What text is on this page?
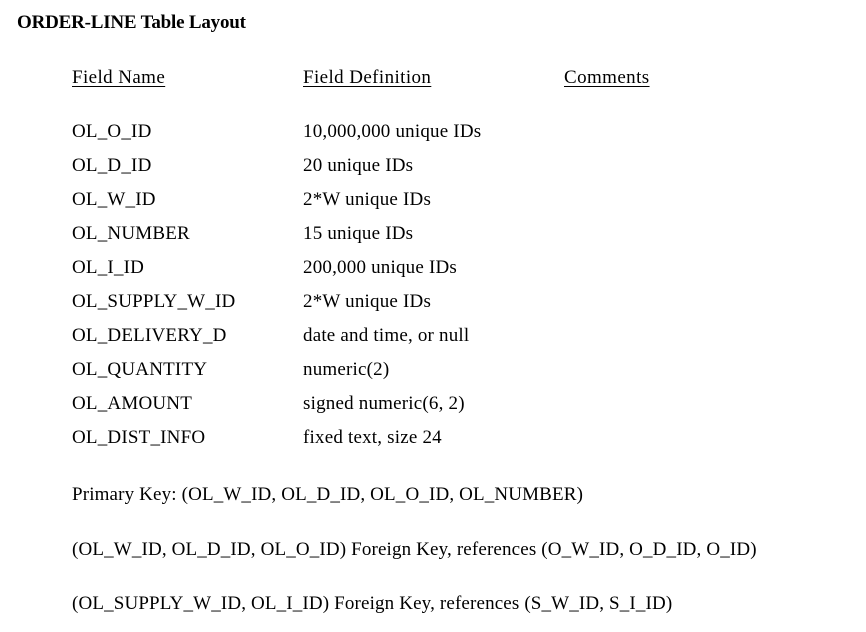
ORDER-LINE Table Layout
Field Name	Field Definition	Comments
OL_O_ID	10,000,000 unique IDs
OL_D_ID	20 unique IDs
OL_W_ID	2*W unique IDs
OL_NUMBER	15 unique IDs
OL_I_ID	200,000 unique IDs
OL_SUPPLY_W_ID	2*W unique IDs
OL_DELIVERY_D	date and time, or null
OL_QUANTITY	numeric(2)
OL_AMOUNT	signed numeric(6, 2)
OL_DIST_INFO	fixed text, size 24
Primary Key: (OL_W_ID, OL_D_ID, OL_O_ID, OL_NUMBER)
(OL_W_ID, OL_D_ID, OL_O_ID) Foreign Key, references (O_W_ID, O_D_ID, O_ID)
(OL_SUPPLY_W_ID, OL_I_ID) Foreign Key, references (S_W_ID, S_I_ID)
